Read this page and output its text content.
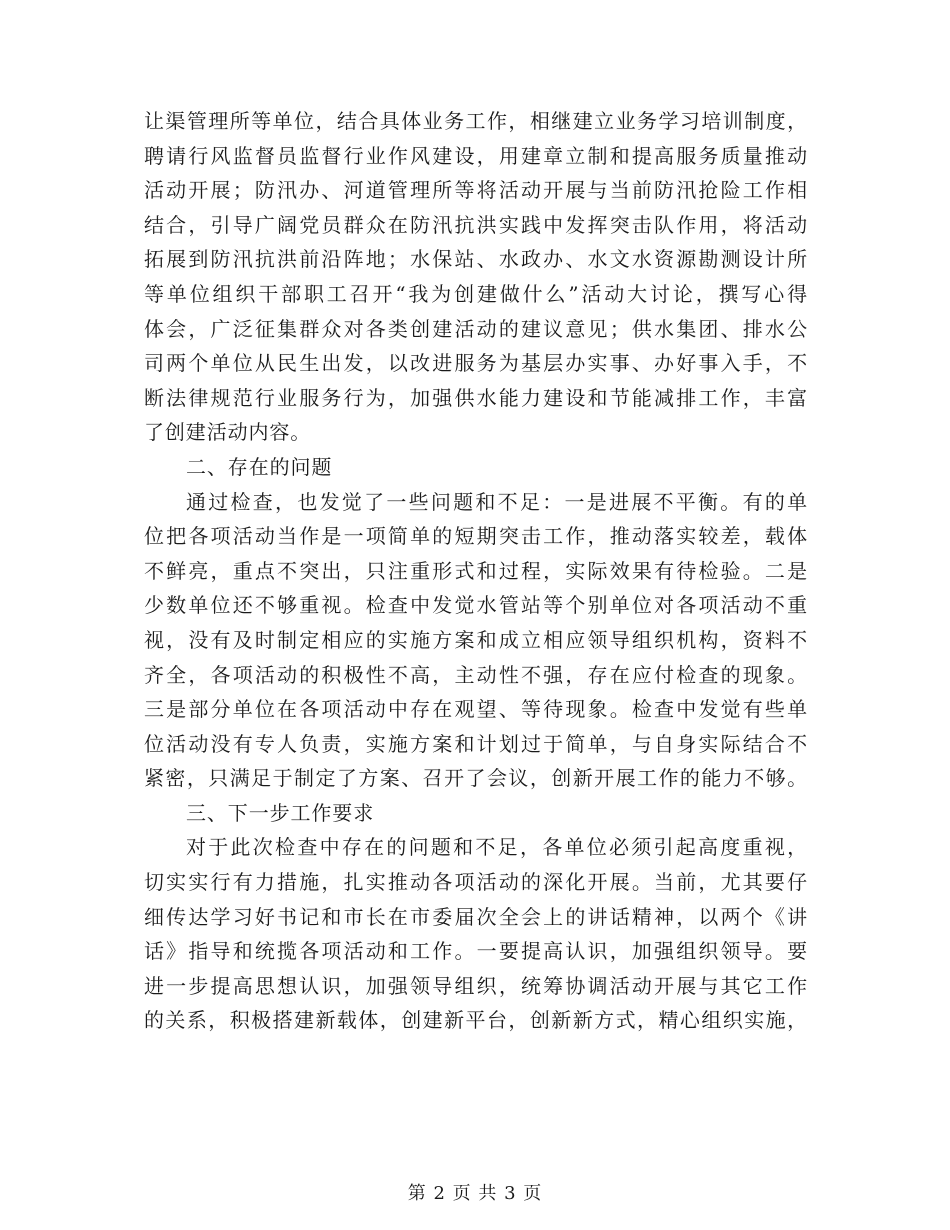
让渠管理所等单位，结合具体业务工作，相继建立业务学习培训制度，
聘请行风监督员监督行业作风建设，用建章立制和提高服务质量推动
活动开展；防汛办、河道管理所等将活动开展与当前防汛抢险工作相
结合，引导广阔党员群众在防汛抗洪实践中发挥突击队作用，将活动
拓展到防汛抗洪前沿阵地；水保站、水政办、水文水资源勘测设计所
等单位组织干部职工召开“我为创建做什么”活动大讨论，撰写心得
体会，广泛征集群众对各类创建活动的建议意见；供水集团、排水公
司两个单位从民生出发，以改进服务为基层办实事、办好事入手，不
断法律规范行业服务行为，加强供水能力建设和节能减排工作，丰富
了创建活动内容。
二、存在的问题
通过检查，也发觉了一些问题和不足：一是进展不平衡。有的单
位把各项活动当作是一项简单的短期突击工作，推动落实较差，载体
不鲜亮，重点不突出，只注重形式和过程，实际效果有待检验。二是
少数单位还不够重视。检查中发觉水管站等个别单位对各项活动不重
视，没有及时制定相应的实施方案和成立相应领导组织机构，资料不
齐全，各项活动的积极性不高，主动性不强，存在应付检查的现象。
三是部分单位在各项活动中存在观望、等待现象。检查中发觉有些单
位活动没有专人负责，实施方案和计划过于简单，与自身实际结合不
紧密，只满足于制定了方案、召开了会议，创新开展工作的能力不够。
三、下一步工作要求
对于此次检查中存在的问题和不足，各单位必须引起高度重视，
切实实行有力措施，扎实推动各项活动的深化开展。当前，尤其要仔
细传达学习好书记和市长在市委届次全会上的讲话精神，以两个《讲
话》指导和统揽各项活动和工作。一要提高认识，加强组织领导。要
进一步提高思想认识，加强领导组织，统筹协调活动开展与其它工作
的关系，积极搭建新载体，创建新平台，创新新方式，精心组织实施，
第 2 页 共 3 页
